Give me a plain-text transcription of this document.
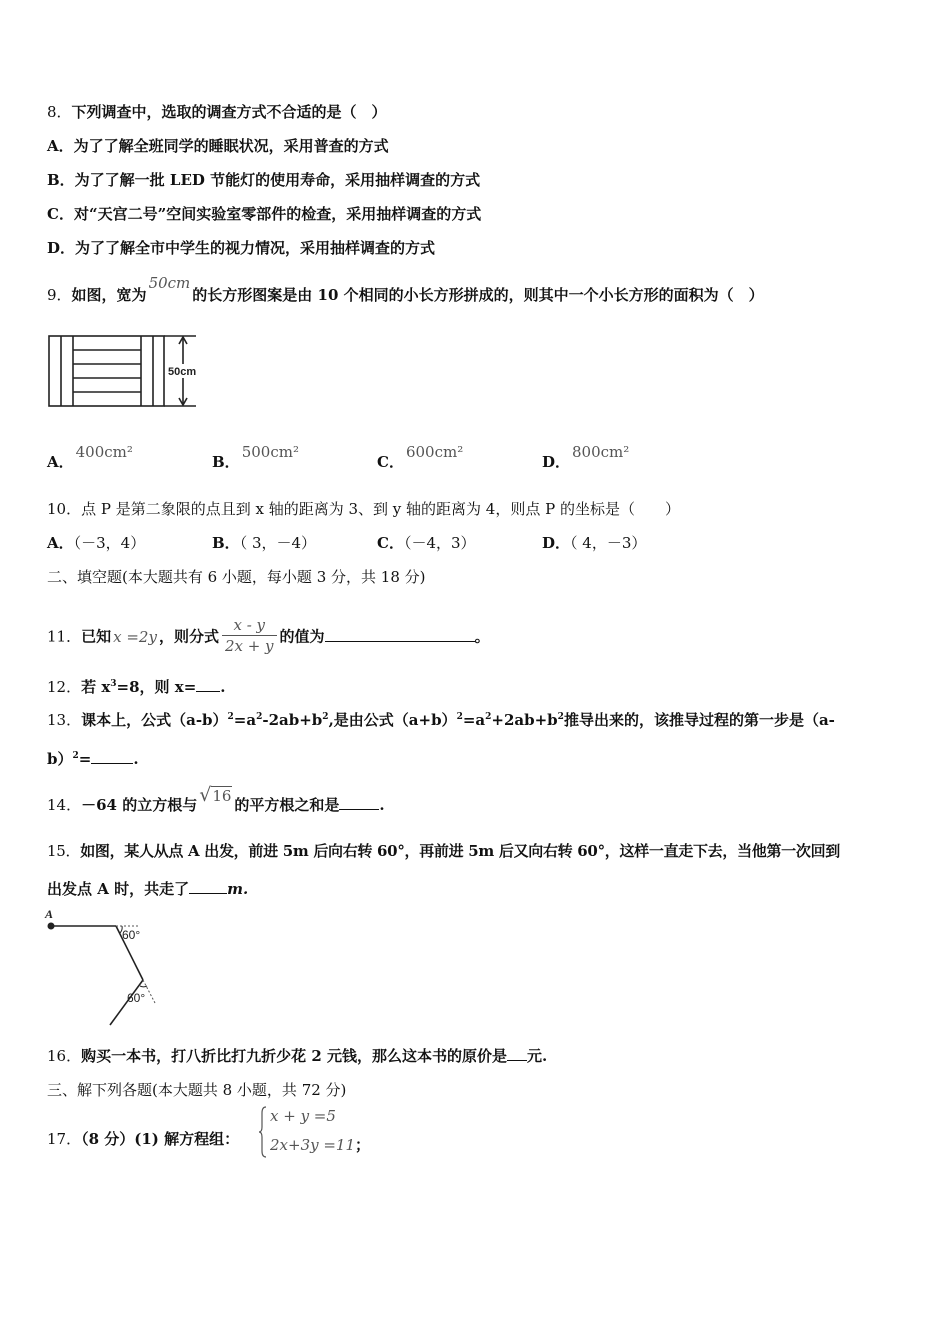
8．下列调查中，选取的调查方式不合适的是（　）
A．为了了解全班同学的睡眠状况，采用普查的方式
B．为了了解一批 LED 节能灯的使用寿命，采用抽样调查的方式
C．对“天宫二号”空间实验室零部件的检查，采用抽样调查的方式
D．为了了解全市中学生的视力情况，采用抽样调查的方式
9．如图，宽为50cm的长方形图案是由 10 个相同的小长方形拼成的，则其中一个小长方形的面积为（　）
50cm
A．400cm²
B．500cm²
C．600cm²
D．800cm²
10．点 P 是第二象限的点且到 x 轴的距离为 3、到 y 轴的距离为 4，则点 P 的坐标是（　　）
A．（－3，4）	B．（ 3，－4）	C．（－4，3）	D．（ 4，－3）
二、填空题(本大题共有 6 小题，每小题 3 分，共 18 分)
11．已知 x =2y ，则分式 $\frac{x - y}{2x + y}$ 的值为	。
12．若 $x^3=8$，则 x= .
13．课本上，公式$(a-b)^2=a^2-2ab+b^2$,是由公式$(a+b)^2=a^2+2ab+b^2$推导出来的，该推导过程的第一步是（a-
b）$^2$=	.
14．－64 的立方根与 √16 的平方根之和是	.
15．如图，某人从点 A 出发，前进 5m 后向右转 60°，再前进 5m 后又向右转 60°，这样一直走下去，当他第一次回到
出发点 A 时，共走了	m.
A
60°
60°
16．购买一本书，打八折比打九折少花 2 元钱，那么这本书的原价是 元.
三、解下列各题(本大题共 8 小题，共 72 分)
17．（8 分）(1) 解方程组：
x + y =5
2x+3y =11；
